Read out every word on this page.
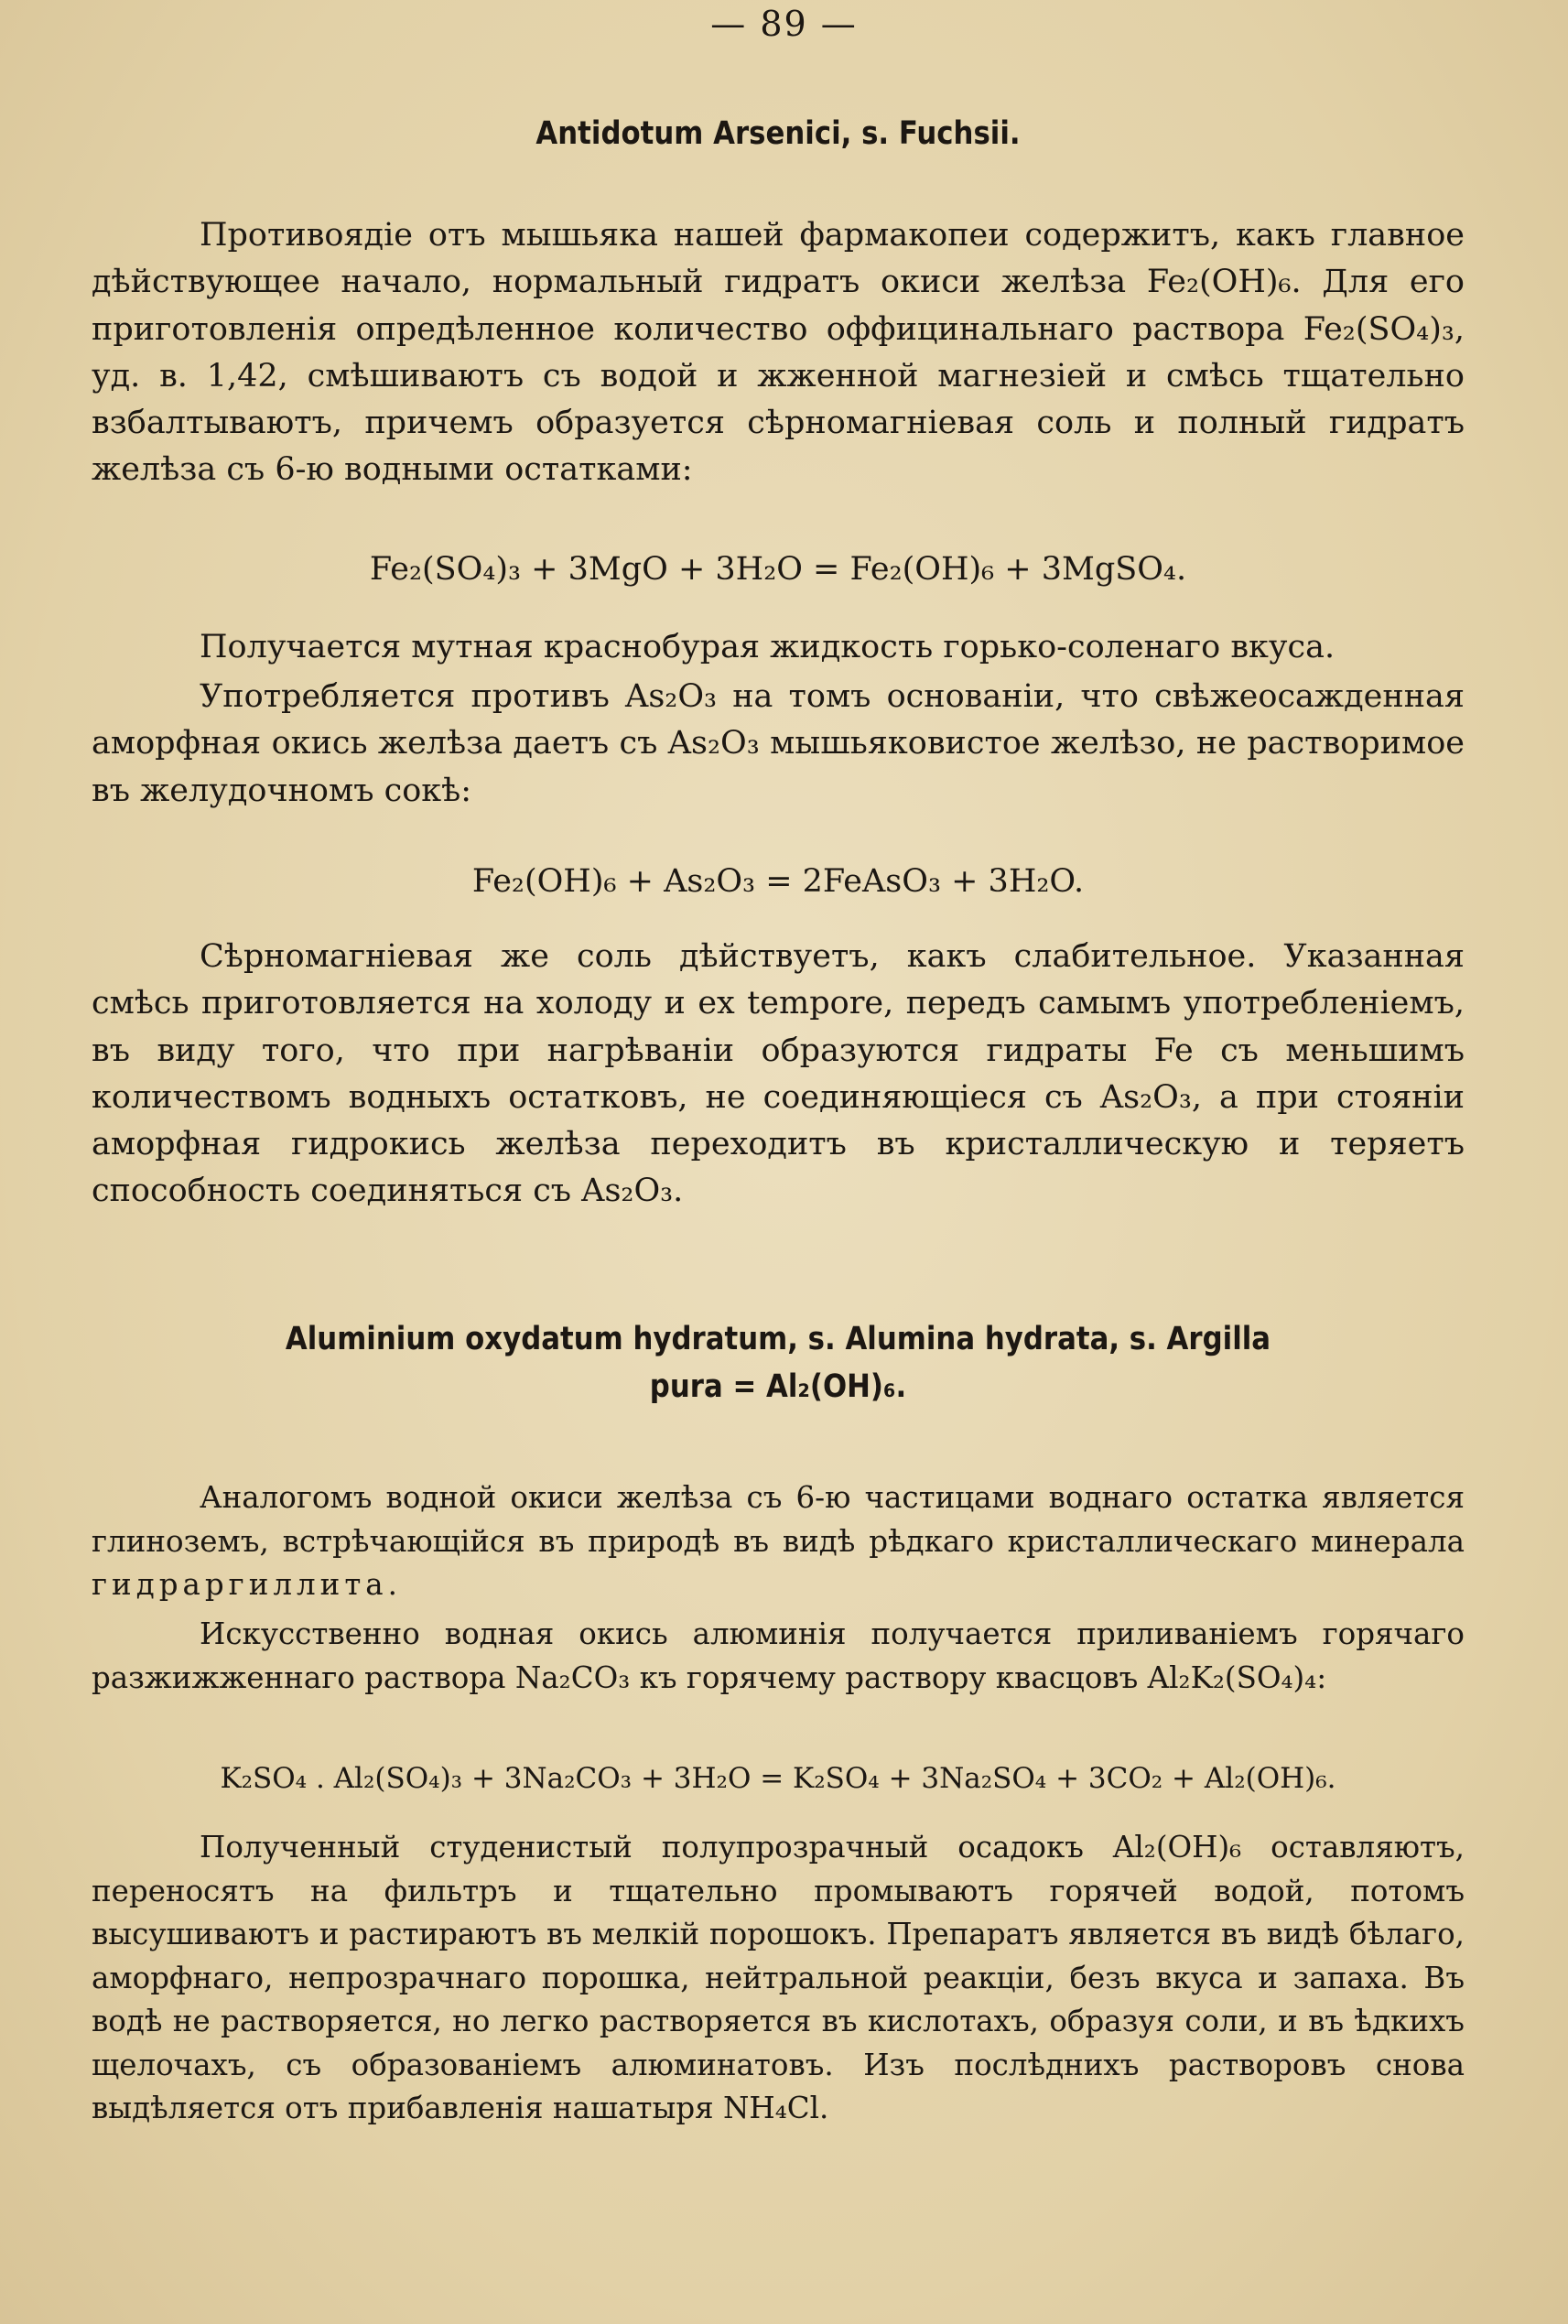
— 89 —
Antidotum Arsenici, s. Fuchsii.
Противоядіе отъ мышьяка нашей фармакопеи содержитъ, какъ главное дѣйствующее начало, нормальный гидратъ окиси желѣза Fe₂(OH)₆. Для его приготовленія опредѣленное количество оффицинальнаго раствора Fe₂(SO₄)₃, уд. в. 1,42, смѣшиваютъ съ водой и жженной магнезіей и смѣсь тщательно взбалтываютъ, причемъ образуется сѣрномагніевая соль и полный гидратъ желѣза съ 6-ю водными остатками:
Fe₂(SO₄)₃ + 3MgO + 3H₂O = Fe₂(OH)₆ + 3MgSO₄.
Получается мутная краснобурая жидкость горько-соленаго вкуса.
Употребляется противъ As₂O₃ на томъ основаніи, что свѣжеосажденная аморфная окись желѣза даетъ съ As₂O₃ мышьяковистое желѣзо, не растворимое въ желудочномъ сокѣ:
Fe₂(OH)₆ + As₂O₃ = 2FeAsO₃ + 3H₂O.
Сѣрномагніевая же соль дѣйствуетъ, какъ слабительное. Указанная смѣсь приготовляется на холоду и ex tempore, передъ самымъ употребленіемъ, въ виду того, что при нагрѣваніи образуются гидраты Fe съ меньшимъ количествомъ водныхъ остатковъ, не соединяющіеся съ As₂O₃, а при стояніи аморфная гидрокись желѣза переходитъ въ кристаллическую и теряетъ способность соединяться съ As₂O₃.
Aluminium oxydatum hydratum, s. Alumina hydrata, s. Argilla
pura = Al₂(OH)₆.
Аналогомъ водной окиси желѣза съ 6-ю частицами воднаго остатка является глиноземъ, встрѣчающійся въ природѣ въ видѣ рѣдкаго кристаллическаго минерала гидраргиллита.
Искусственно водная окись алюминія получается приливаніемъ горячаго разжижженнаго раствора Na₂CO₃ къ горячему раствору квасцовъ Al₂K₂(SO₄)₄:
K₂SO₄ . Al₂(SO₄)₃ + 3Na₂CO₃ + 3H₂O = K₂SO₄ + 3Na₂SO₄ + 3CO₂ + Al₂(OH)₆.
Полученный студенистый полупрозрачный осадокъ Al₂(OH)₆ оставляютъ, переносятъ на фильтръ и тщательно промываютъ горячей водой, потомъ высушиваютъ и растираютъ въ мелкій порошокъ. Препаратъ является въ видѣ бѣлаго, аморфнаго, непрозрачнаго порошка, нейтральной реакціи, безъ вкуса и запаха. Въ водѣ не растворяется, но легко растворяется въ кислотахъ, образуя соли, и въ ѣдкихъ щелочахъ, съ образованіемъ алюминатовъ. Изъ послѣднихъ растворовъ снова выдѣляется отъ прибавленія нашатыря NH₄Cl.
